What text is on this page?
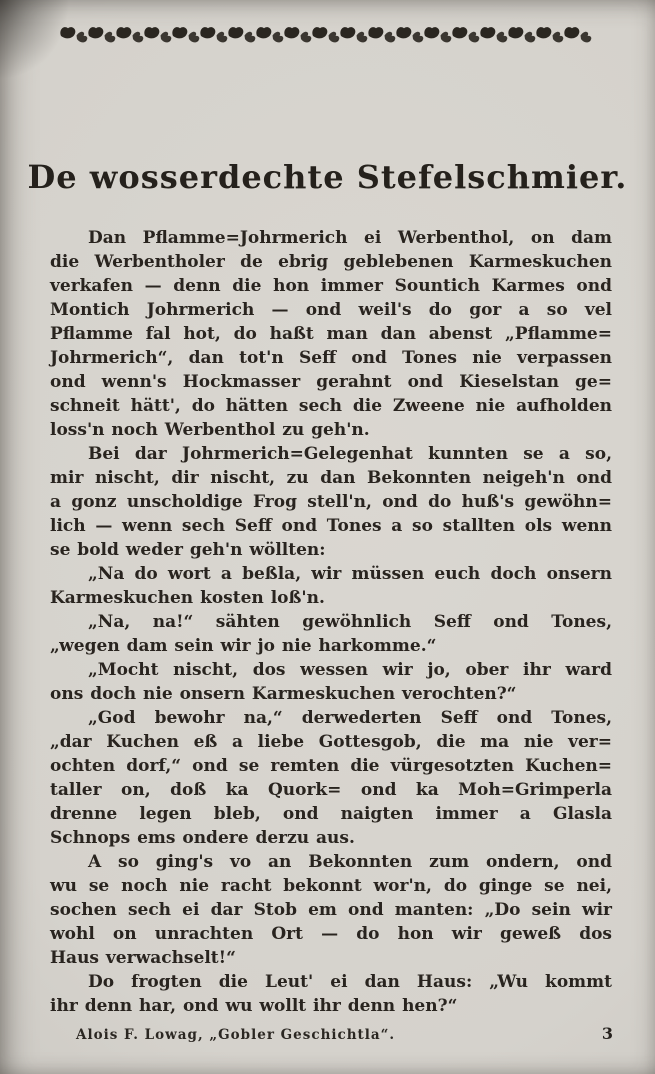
De wosserdechte Stefelschmier.
Dan Pflamme=Johrmerich ei Werbenthol, on dam
die Werbentholer de ebrig geblebenen Karmeskuchen
verkafen — denn die hon immer Sountich Karmes ond
Montich Johrmerich — ond weil's do gor a so vel
Pflamme fal hot, do haßt man dan abenst „Pflamme=
Johrmerich“, dan tot'n Seff ond Tones nie verpassen
ond wenn's Hockmasser gerahnt ond Kieselstan ge=
schneit hätt', do hätten sech die Zweene nie aufholden
loss'n noch Werbenthol zu geh'n.
Bei dar Johrmerich=Gelegenhat kunnten se a so,
mir nischt, dir nischt, zu dan Bekonnten neigeh'n ond
a gonz unscholdige Frog stell'n, ond do huß's gewöhn=
lich — wenn sech Seff ond Tones a so stallten ols wenn
se bold weder geh'n wöllten:
„Na do wort a beßla, wir müssen euch doch onsern
Karmeskuchen kosten loß'n.
„Na, na!“ sähten gewöhnlich Seff ond Tones,
„wegen dam sein wir jo nie harkomme.“
„Mocht nischt, dos wessen wir jo, ober ihr ward
ons doch nie onsern Karmeskuchen verochten?“
„God bewohr na,“ derwederten Seff ond Tones,
„dar Kuchen eß a liebe Gottesgob, die ma nie ver=
ochten dorf,“ ond se remten die vürgesotzten Kuchen=
taller on, doß ka Quork= ond ka Moh=Grimperla
drenne legen bleb, ond naigten immer a Glasla
Schnops ems ondere derzu aus.
A so ging's vo an Bekonnten zum ondern, ond
wu se noch nie racht bekonnt wor'n, do ginge se nei,
sochen sech ei dar Stob em ond manten: „Do sein wir
wohl on unrachten Ort — do hon wir geweß dos
Haus verwachselt!“
Do frogten die Leut' ei dan Haus: „Wu kommt
ihr denn har, ond wu wollt ihr denn hen?“
Alois F. Lowag, „Gobler Geschichtla“.	3
